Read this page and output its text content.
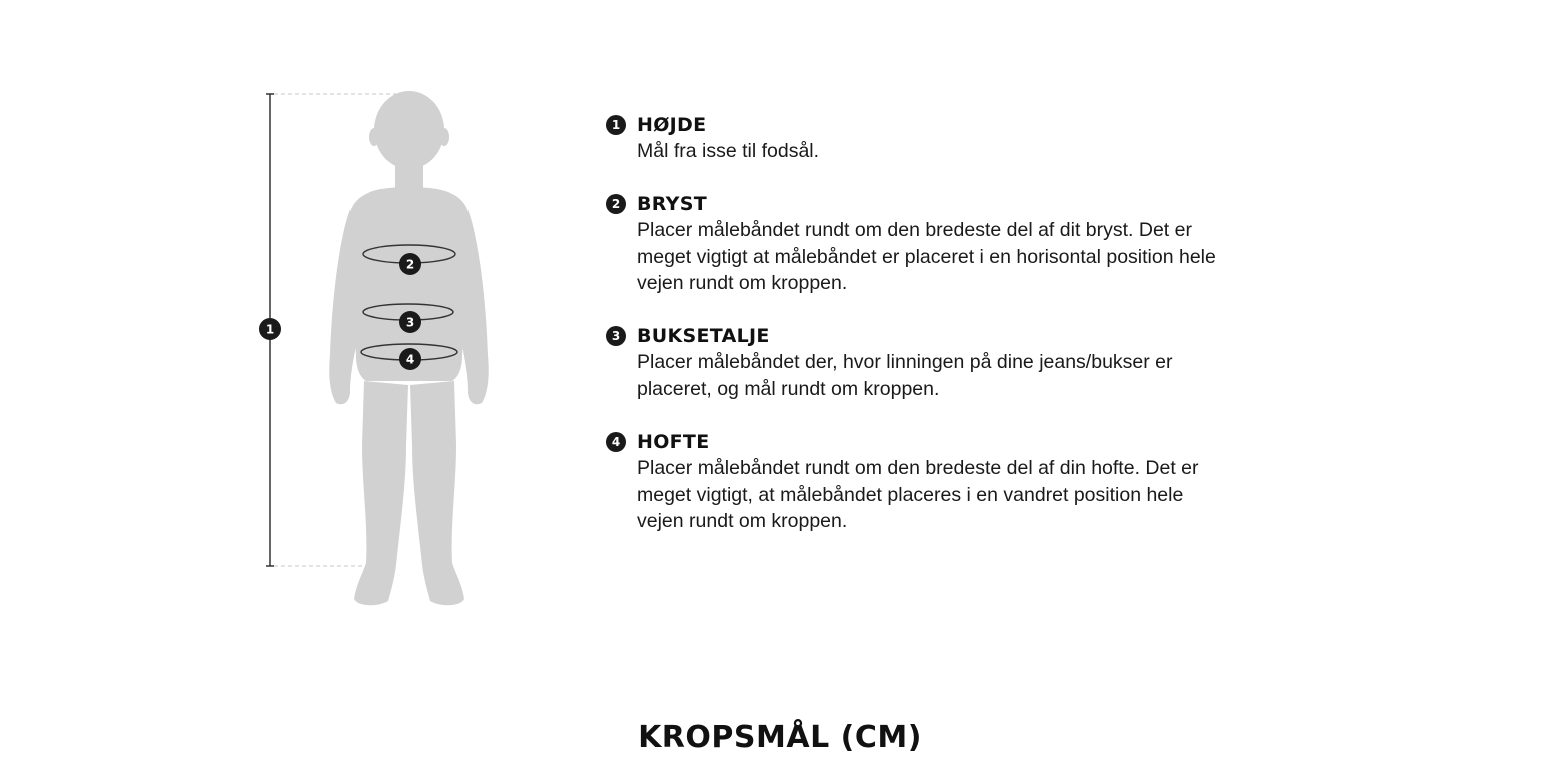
1
2
3
4
1 HØJDE
Mål fra isse til fodsål.
2 BRYST
Placer målebåndet rundt om den bredeste del af dit bryst. Det er
meget vigtigt at målebåndet er placeret i en horisontal position hele
vejen rundt om kroppen.
3 BUKSETALJE
Placer målebåndet der, hvor linningen på dine jeans/bukser er
placeret, og mål rundt om kroppen.
4 HOFTE
Placer målebåndet rundt om den bredeste del af din hofte. Det er
meget vigtigt, at målebåndet placeres i en vandret position hele
vejen rundt om kroppen.
KROPSMÅL (CM)
